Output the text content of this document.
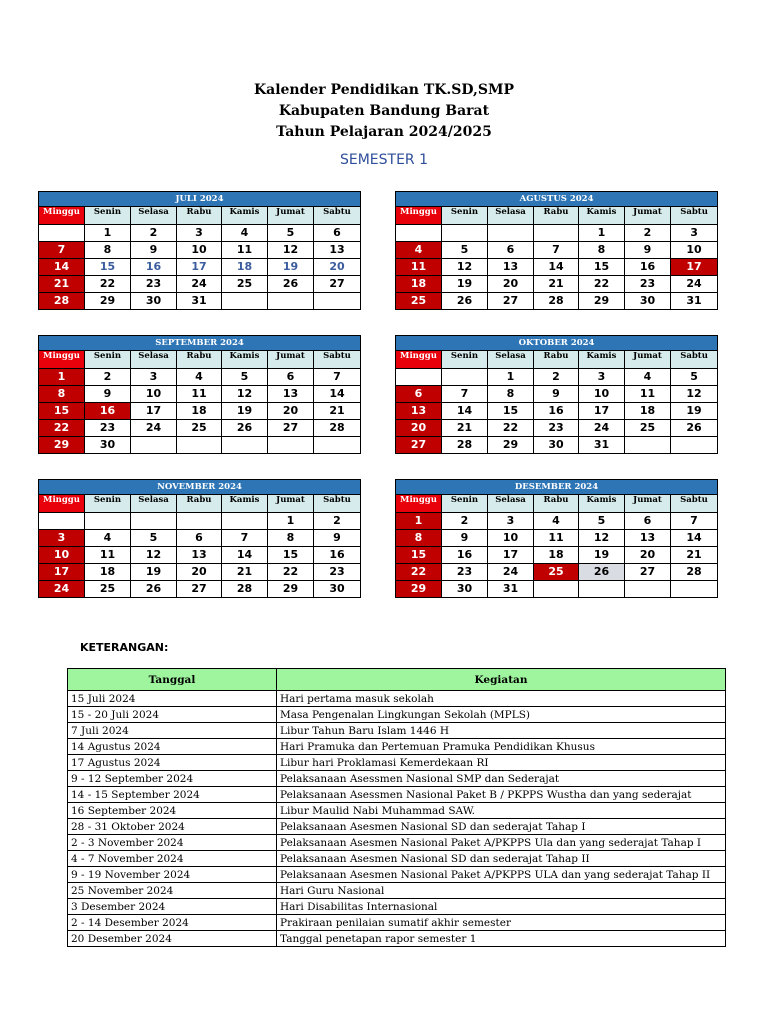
Kalender Pendidikan TK.SD,SMP
Kabupaten Bandung Barat
Tahun Pelajaran 2024/2025
SEMESTER 1
JULI 2024						
Minggu	Senin	Selasa	Rabu	Kamis	Jumat	Sabtu
	1	2	3	4	5	6
7	8	9	10	11	12	13
14	15	16	17	18	19	20
21	22	23	24	25	26	27
28	29	30	31			
AGUSTUS 2024						
Minggu	Senin	Selasa	Rabu	Kamis	Jumat	Sabtu
				1	2	3
4	5	6	7	8	9	10
11	12	13	14	15	16	17
18	19	20	21	22	23	24
25	26	27	28	29	30	31
SEPTEMBER 2024						
Minggu	Senin	Selasa	Rabu	Kamis	Jumat	Sabtu
1	2	3	4	5	6	7
8	9	10	11	12	13	14
15	16	17	18	19	20	21
22	23	24	25	26	27	28
29	30					
OKTOBER 2024						
Minggu	Senin	Selasa	Rabu	Kamis	Jumat	Sabtu
		1	2	3	4	5
6	7	8	9	10	11	12
13	14	15	16	17	18	19
20	21	22	23	24	25	26
27	28	29	30	31		
NOVEMBER 2024						
Minggu	Senin	Selasa	Rabu	Kamis	Jumat	Sabtu
					1	2
3	4	5	6	7	8	9
10	11	12	13	14	15	16
17	18	19	20	21	22	23
24	25	26	27	28	29	30
DESEMBER 2024						
Minggu	Senin	Selasa	Rabu	Kamis	Jumat	Sabtu
1	2	3	4	5	6	7
8	9	10	11	12	13	14
15	16	17	18	19	20	21
22	23	24	25	26	27	28
29	30	31				
KETERANGAN:
Tanggal	Kegiatan
15 Juli 2024	Hari pertama masuk sekolah
15 - 20 Juli 2024	Masa Pengenalan Lingkungan Sekolah (MPLS)
7 Juli 2024	Libur Tahun Baru Islam 1446 H
14 Agustus 2024	Hari Pramuka dan Pertemuan Pramuka Pendidikan Khusus
17 Agustus 2024	Libur hari Proklamasi Kemerdekaan RI
9 - 12 September 2024	Pelaksanaan Asessmen Nasional SMP dan Sederajat
14 - 15 September 2024	Pelaksanaan Asessmen Nasional Paket B / PKPPS Wustha dan yang sederajat
16 September 2024	Libur Maulid Nabi Muhammad SAW.
28 - 31 Oktober 2024	Pelaksanaan Asesmen Nasional SD dan sederajat Tahap I
2 - 3 November 2024	Pelaksanaan Asesmen Nasional Paket A/PKPPS Ula dan yang sederajat Tahap I
4 - 7 November 2024	Pelaksanaan Asesmen Nasional SD dan sederajat Tahap II
9 - 19 November 2024	Pelaksanaan Asesmen Nasional Paket A/PKPPS ULA dan yang sederajat Tahap II
25 November 2024	Hari Guru Nasional
3 Desember 2024	Hari Disabilitas Internasional
2 - 14 Desember 2024	Prakiraan penilaian sumatif akhir semester
20 Desember 2024	Tanggal penetapan rapor semester 1
